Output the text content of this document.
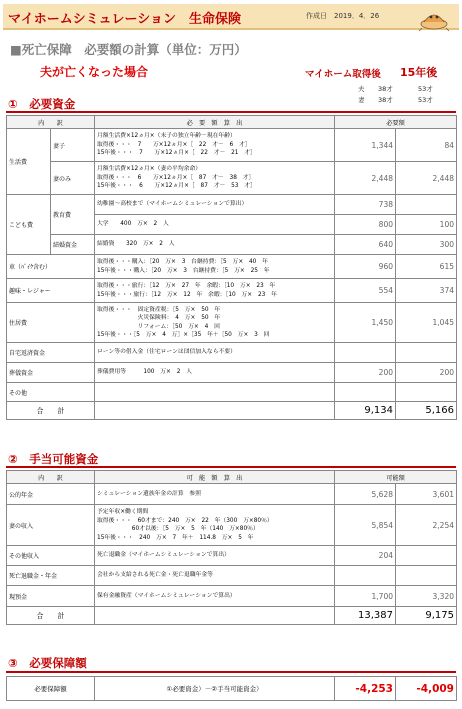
マイホームシミュレーション　生命保険	作成日　2019．4．26
■死亡保障　必要額の計算（単位：万円）
夫が亡くなった場合	マイホーム取得後 15年後
夫 38才	53才
妻 38才	53才
①　必要資金
内　　訳		必　要　額　算　出	必要額	
生活費	妻子	月額生活費×12ヵ月×（末子の独立年齢－現在年齢）
取得後・・・　7　　万×12ヵ月×［　22　才－　6　才］
15年後・・・　7　　万×12ヵ月×［　22　才－　21　才］	1,344	84
	妻のみ	月額生活費×12ヵ月×（妻の平均余命）
取得後・・・　6　　万×12ヵ月×［　87　才－　38　才］
15年後・・・　6　　万×12ヵ月×［　87　才－　53　才］	2,448	2,448
こども費	教育費	幼稚園～高校まで（マイホームシミュレーションで算出）	738	
		大学　　400　万×　2　人	800	100
	結婚資金	結婚資　　320　万×　2　人	640	300
車（ﾊﾞｲｸ含む）		取得後・・・購入：［20　万×　3　台継持費：［5　万×　40　年
15年後・・・購入：［20　万×　3　台継持費：［5　万×　25　年	960	615
趣味・レジャー		取得後・・・旅行：［12　万×　27　年　余暇：［10　万×　23　年
15年後・・・旅行：［12　万×　12　年　余暇：［10　万×　23　年	554	374
住居費		取得後・・・　固定資産税：［5　万×　50　年
　　　　　　　火災保険料：　4　万×　50　年
　　　　　　　リフォーム：［50　万×　4　回
15年後・・・［5　万×　4　万］×［35　年＋［50　万×　3　回	1,450	1,045
自宅返済資金		ローン等の借入金（住宅ローンは団信加入なら不要）		
葬儀資金		葬儀費用等　　　100　万×　2　人	200	200
その他				
合　　計			9,134	5,166
②　手当可能資金
内　　訳	可　能　額　算　出	可能額	
公的年金	シミュレーション遺族年金の計算　参照	5,628	3,601
妻の収入	予定年収×働く期間
取得後・・・　60才まで：240　万×　22　年（300　万×80％）
　　　　　　60才以後：［5　万×　5　年（140　万×80％）
15年後・・・　240　万×　7　年＋　114.8　万×　5　年	5,854	2,254
その他収入	死亡退職金（マイホームシミュレーションで算出）	204	
死亡退職金・年金	会社から支給される死亡金・死亡退職年金等		
現預金	保有金融資産（マイホームシミュレーションで算出）	1,700	3,320
合　　計		13,387	9,175
③　必要保障額
必要保障額	①必要資金）－②手当可能資金）	-4,253	-4,009
